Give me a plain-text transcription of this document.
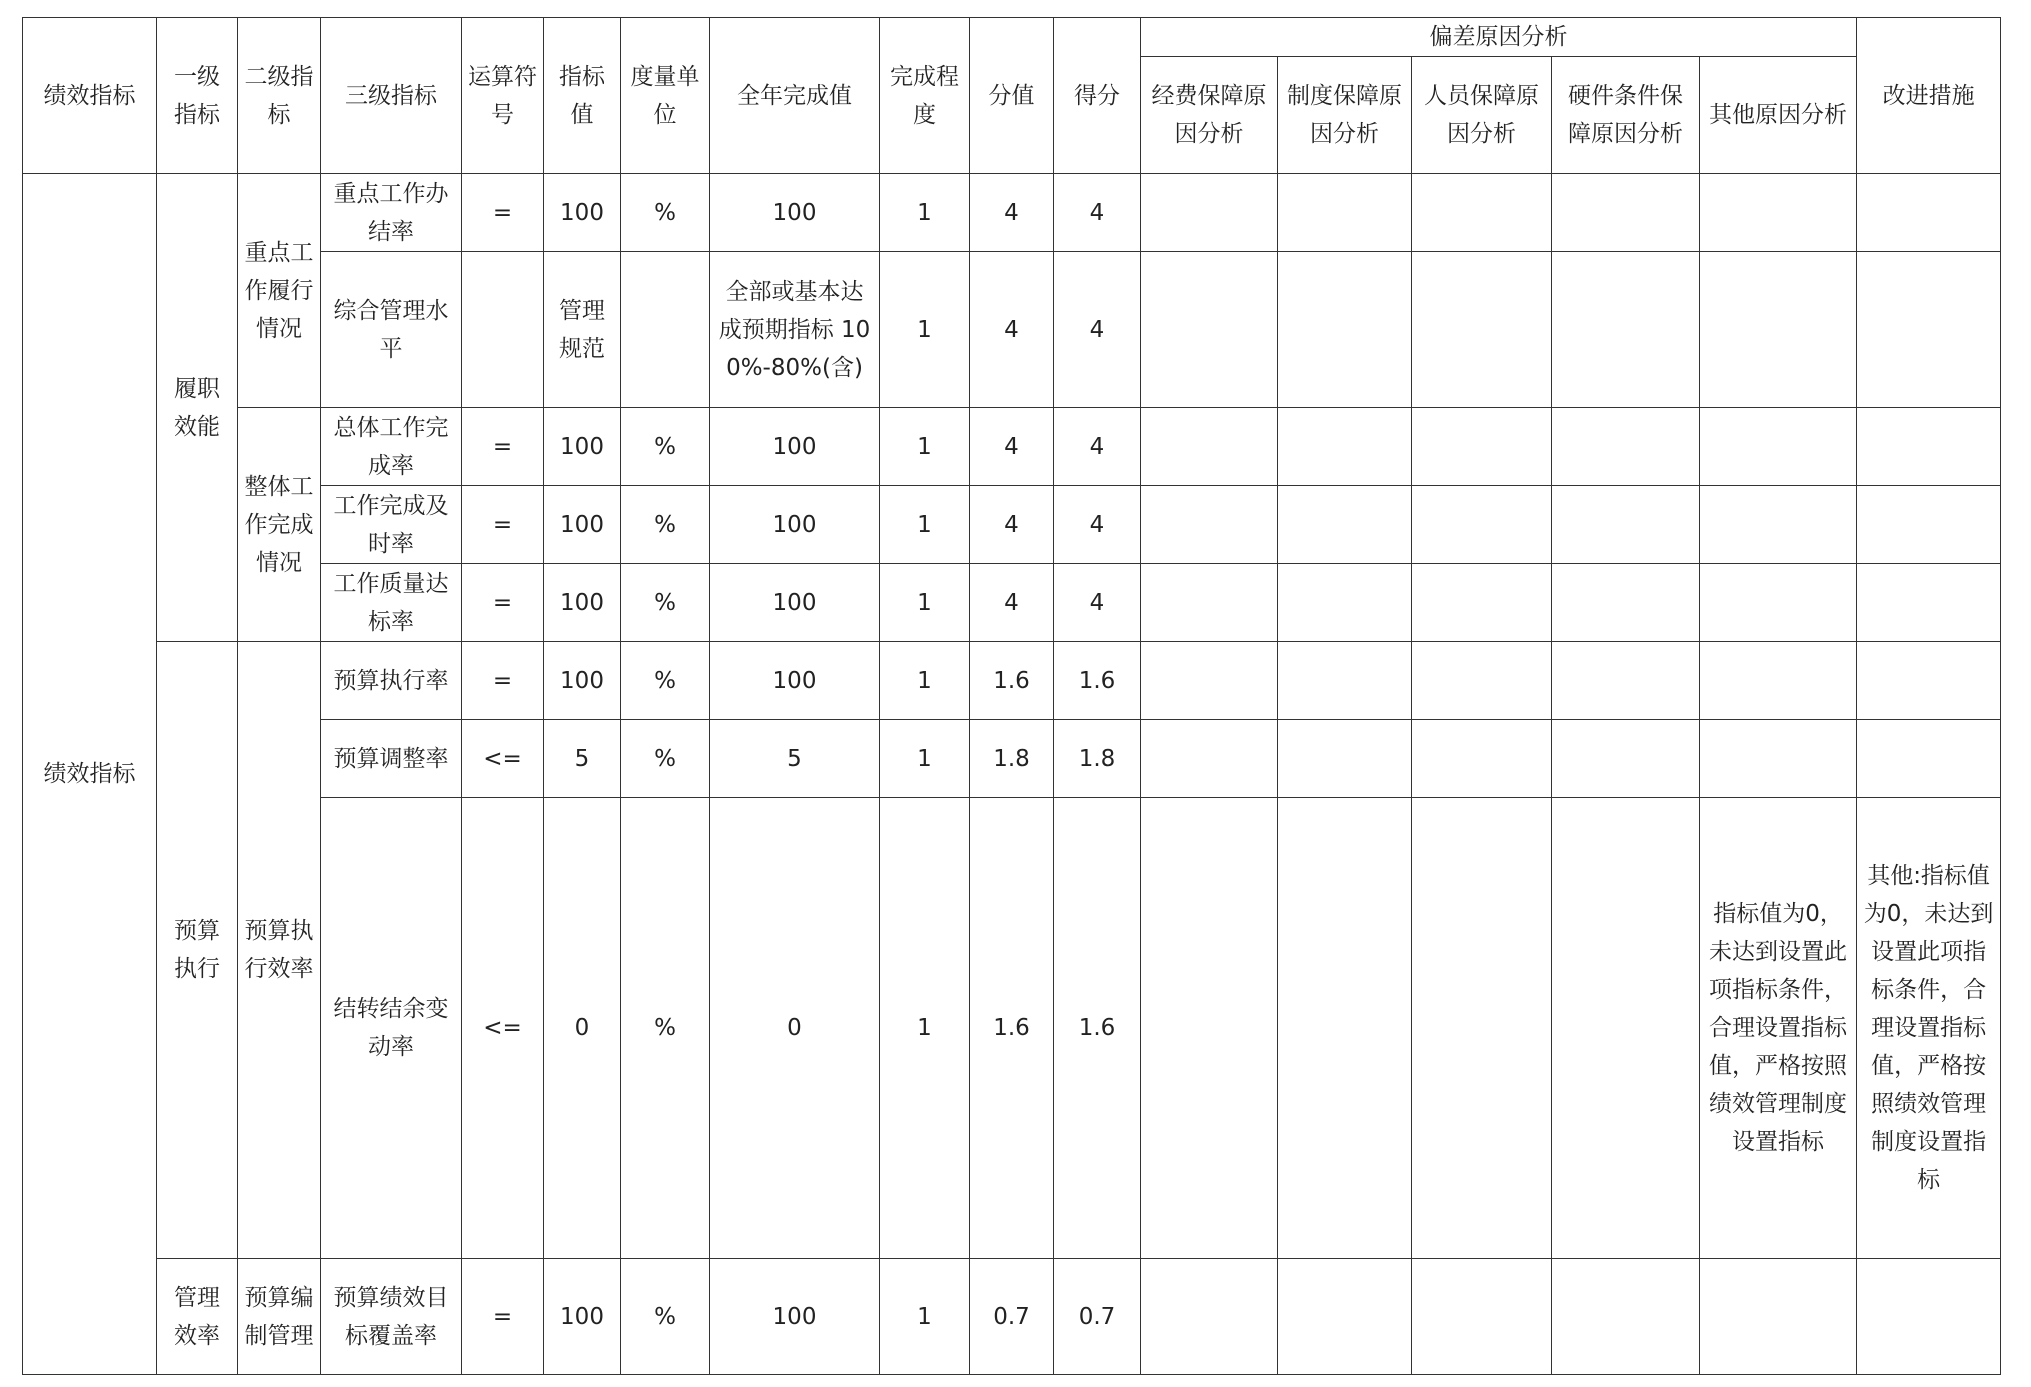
绩效指标	一级指标	二级指标	三级指标	运算符号	指标值	度量单位	全年完成值	完成程度	分值	得分	偏差原因分析					改进措施
											经费保障原因分析	制度保障原因分析	人员保障原因分析	硬件条件保障原因分析	其他原因分析	
绩效指标	履职效能	重点工作履行情况	重点工作办结率	=	100	%	100	1	4	4						
			综合管理水平		管理规范		全部或基本达成预期指标 100%-80%(含)	1	4	4						
		整体工作完成情况	总体工作完成率	=	100	%	100	1	4	4						
			工作完成及时率	=	100	%	100	1	4	4						
			工作质量达标率	=	100	%	100	1	4	4						
	预算执行	预算执行效率	预算执行率	=	100	%	100	1	1.6	1.6						
			预算调整率	<=	5	%	5	1	1.8	1.8						
			结转结余变动率	<=	0	%	0	1	1.6	1.6					指标值为0，未达到设置此项指标条件，合理设置指标值，严格按照绩效管理制度设置指标	其他:指标值为0，未达到设置此项指标条件，合理设置指标值，严格按照绩效管理制度设置指标
	管理效率	预算编制管理	预算绩效目标覆盖率	=	100	%	100	1	0.7	0.7						
